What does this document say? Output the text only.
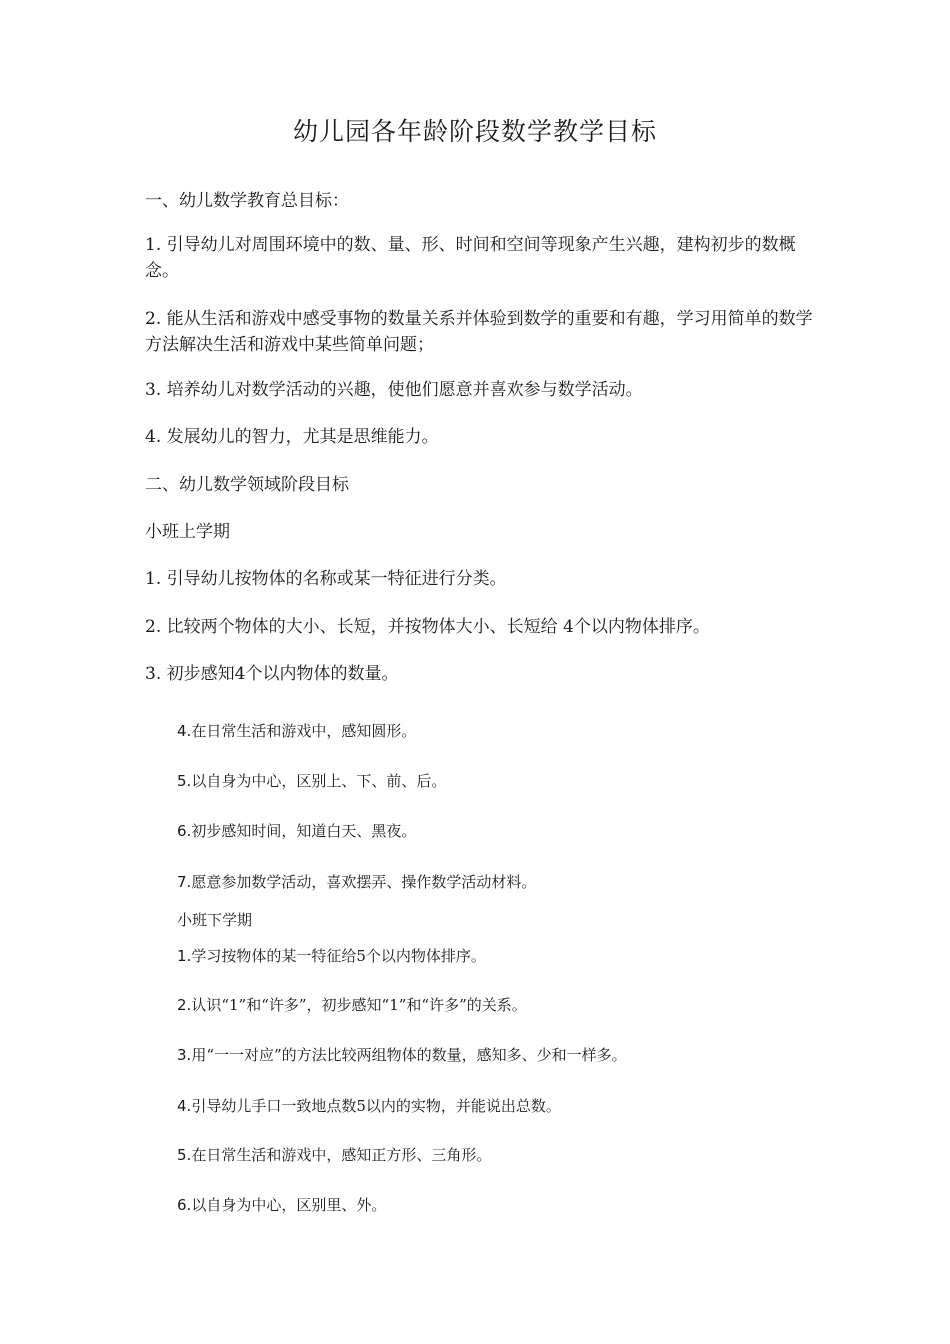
幼儿园各年龄阶段数学教学目标
一、幼儿数学教育总目标：
1. 引导幼儿对周围环境中的数、量、形、时间和空间等现象产生兴趣，建构初步的数概念。
2. 能从生活和游戏中感受事物的数量关系并体验到数学的重要和有趣，学习用简单的数学方法解决生活和游戏中某些简单问题；
3. 培养幼儿对数学活动的兴趣，使他们愿意并喜欢参与数学活动。
4. 发展幼儿的智力，尤其是思维能力。
二、幼儿数学领域阶段目标
小班上学期
1. 引导幼儿按物体的名称或某一特征进行分类。
2. 比较两个物体的大小、长短，并按物体大小、长短给 4个以内物体排序。
3. 初步感知4个以内物体的数量。
4.在日常生活和游戏中，感知圆形。
5.以自身为中心，区别上、下、前、后。
6.初步感知时间，知道白天、黑夜。
7.愿意参加数学活动，喜欢摆弄、操作数学活动材料。
小班下学期
1.学习按物体的某一特征给5个以内物体排序。
2.认识“1”和“许多”，初步感知“1”和“许多”的关系。
3.用“一一对应”的方法比较两组物体的数量，感知多、少和一样多。
4.引导幼儿手口一致地点数5以内的实物，并能说出总数。
5.在日常生活和游戏中，感知正方形、三角形。
6.以自身为中心，区别里、外。
